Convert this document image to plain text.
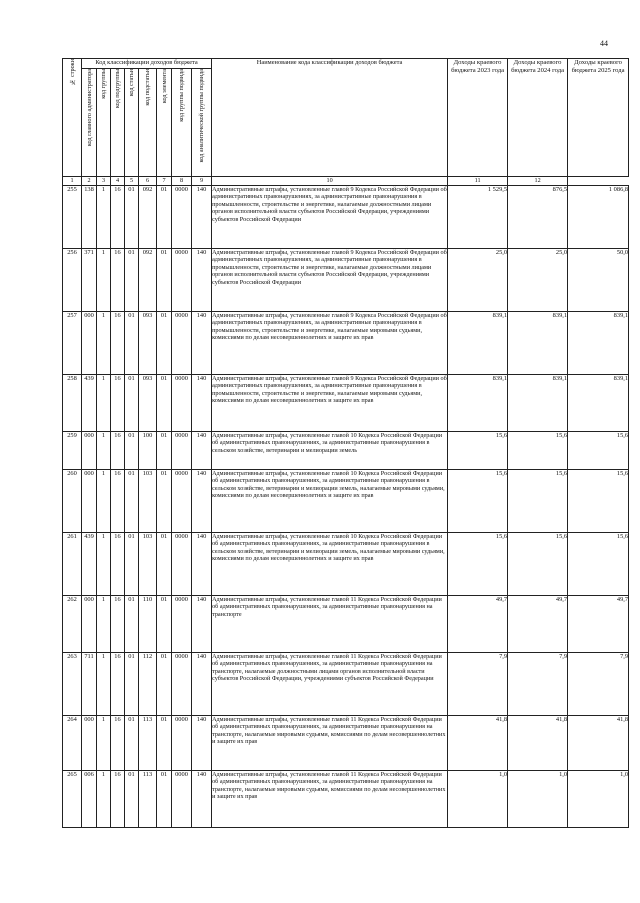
44
№ строки	Код классификации доходов бюджета								Наименование кода классификации доходов бюджета	Доходы краевого бюджета 2023 года	Доходы краевого бюджета 2024 года	Доходы краевого бюджета 2025 года

	код главного администратора	код группы	код подгруппы	код статьи	код подстатьи	код элемента	код группы подвида	код аналитической группы подвида				

1	2	3	4	5	6	7	8	9	10	11	12	
255	138	1	16	01	092	01	0000	140	Административные штрафы, установленные главой 9 Кодекса Российской Федерации об административных правонарушениях, за административные правонарушения в промышленности, строительстве и энергетике, налагаемые должностными лицами органов исполнительной власти субъектов Российской Федерации, учреждениями субъектов Российской Федерации	1 529,5	876,5	1 086,8
256	371	1	16	01	092	01	0000	140	Административные штрафы, установленные главой 9 Кодекса Российской Федерации об административных правонарушениях, за административные правонарушения в промышленности, строительстве и энергетике, налагаемые должностными лицами органов исполнительной власти субъектов Российской Федерации, учреждениями субъектов Российской Федерации	25,0	25,0	50,0
257	000	1	16	01	093	01	0000	140	Административные штрафы, установленные главой 9 Кодекса Российской Федерации об административных правонарушениях, за административные правонарушения в промышленности, строительстве и энергетике, налагаемые мировыми судьями, комиссиями по делам несовершеннолетних и защите их прав	839,1	839,1	839,1
258	439	1	16	01	093	01	0000	140	Административные штрафы, установленные главой 9 Кодекса Российской Федерации об административных правонарушениях, за административные правонарушения в промышленности, строительстве и энергетике, налагаемые мировыми судьями, комиссиями по делам несовершеннолетних и защите их прав	839,1	839,1	839,1
259	000	1	16	01	100	01	0000	140	Административные штрафы, установленные главой 10 Кодекса Российской Федерации об административных правонарушениях, за административные правонарушения в сельском хозяйстве, ветеринарии и мелиорации земель	15,6	15,6	15,6
260	000	1	16	01	103	01	0000	140	Административные штрафы, установленные главой 10 Кодекса Российской Федерации об административных правонарушениях, за административные правонарушения в сельском хозяйстве, ветеринарии и мелиорации земель, налагаемые мировыми судьями, комиссиями по делам несовершеннолетних и защите их прав	15,6	15,6	15,6
261	439	1	16	01	103	01	0000	140	Административные штрафы, установленные главой 10 Кодекса Российской Федерации об административных правонарушениях, за административные правонарушения в сельском хозяйстве, ветеринарии и мелиорации земель, налагаемые мировыми судьями, комиссиями по делам несовершеннолетних и защите их прав	15,6	15,6	15,6
262	000	1	16	01	110	01	0000	140	Административные штрафы, установленные главой 11 Кодекса Российской Федерации об административных правонарушениях, за административные правонарушения на транспорте	49,7	49,7	49,7
263	711	1	16	01	112	01	0000	140	Административные штрафы, установленные главой 11 Кодекса Российской Федерации об административных правонарушениях, за административные правонарушения на транспорте, налагаемые должностными лицами органов исполнительной власти субъектов Российской Федерации, учреждениями субъектов Российской Федерации	7,9	7,9	7,9
264	000	1	16	01	113	01	0000	140	Административные штрафы, установленные главой 11 Кодекса Российской Федерации об административных правонарушениях, за административные правонарушения на транспорте, налагаемые мировыми судьями, комиссиями по делам несовершеннолетних и защите их прав	41,8	41,8	41,8
265	006	1	16	01	113	01	0000	140	Административные штрафы, установленные главой 11 Кодекса Российской Федерации об административных правонарушениях, за административные правонарушения на транспорте, налагаемые мировыми судьями, комиссиями по делам несовершеннолетних и защите их прав	1,0	1,0	1,0
